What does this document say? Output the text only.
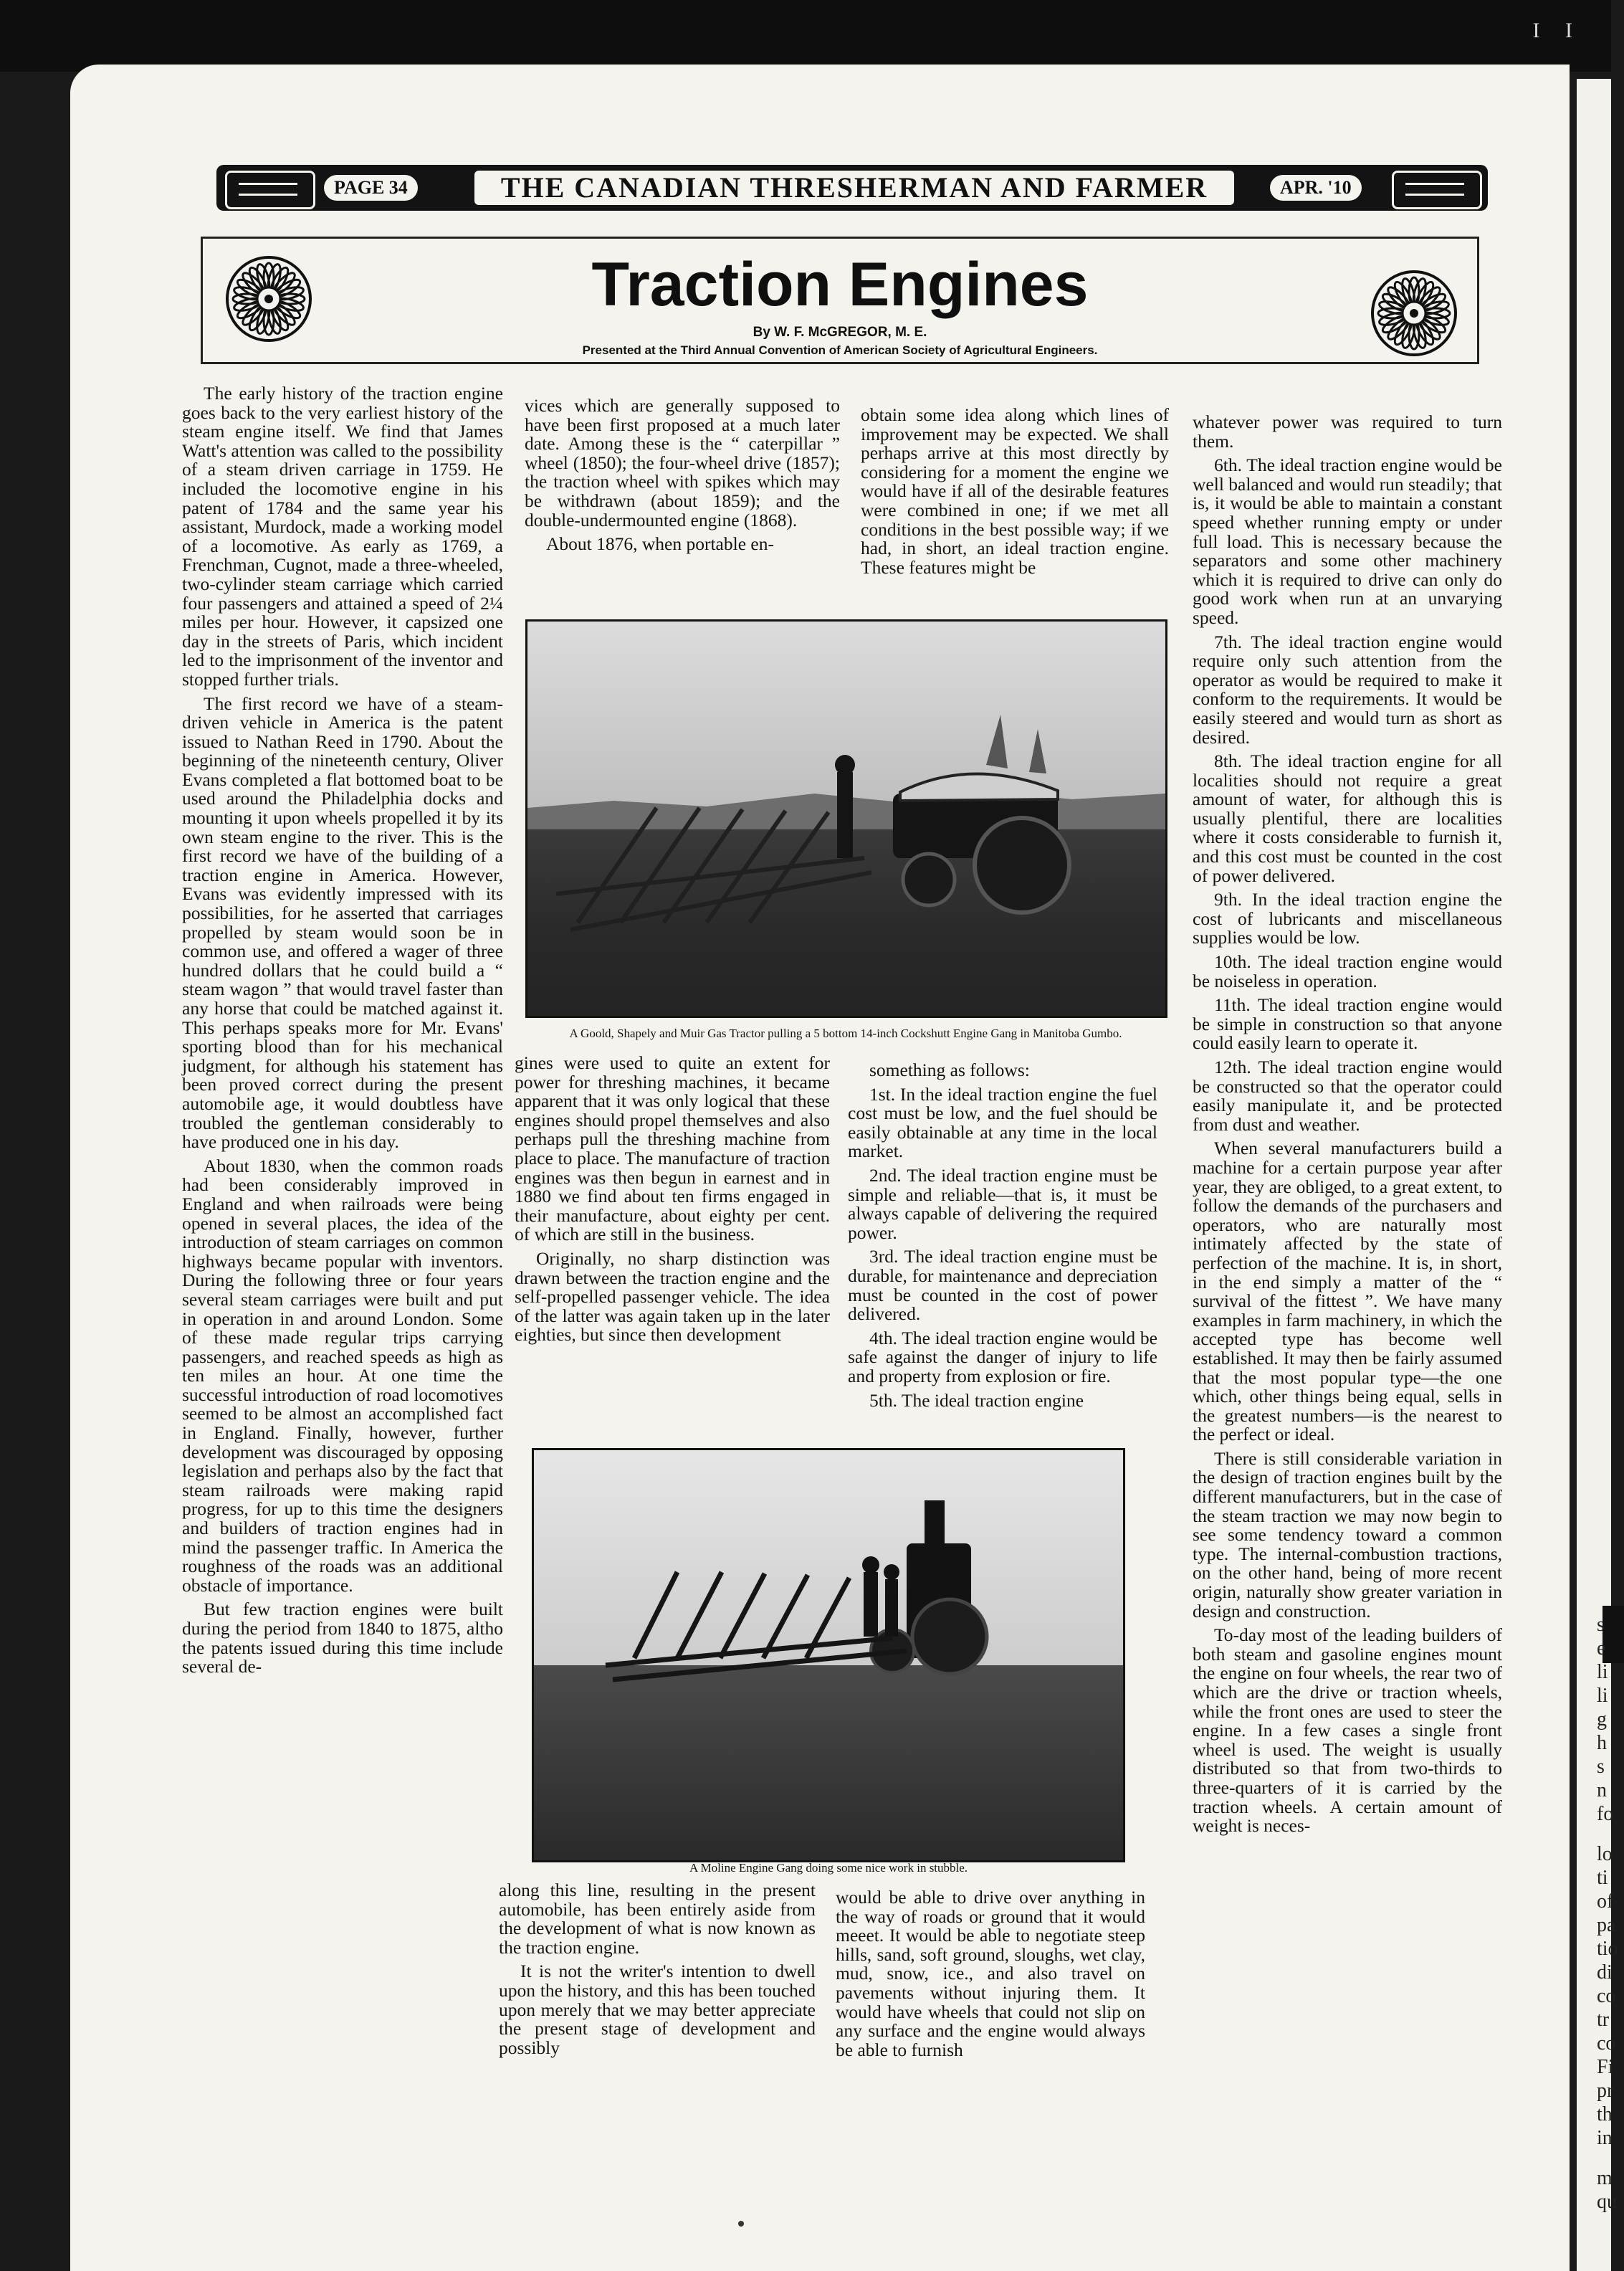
I I
s
e
li
li
g
h
s
n
fo
lo
ti
of
pa
tio
di
co
tr
co
Fi
pr
th
in
m
qu
PAGE 34	THE CANADIAN THRESHERMAN AND FARMER	APR. '10
Traction Engines
By W. F. McGREGOR, M. E.
Presented at the Third Annual Convention of American Society of Agricultural Engineers.

The early history of the traction engine goes back to the very earliest history of the steam engine itself. We find that James Watt's attention was called to the possibility of a steam driven carriage in 1759. He included the locomotive engine in his patent of 1784 and the same year his assistant, Murdock, made a working model of a locomotive. As early as 1769, a Frenchman, Cugnot, made a three-wheeled, two-cylinder steam carriage which carried four passengers and attained a speed of 2¼ miles per hour. However, it capsized one day in the streets of Paris, which incident led to the imprisonment of the inventor and stopped further trials.

The first record we have of a steam-driven vehicle in America is the patent issued to Nathan Reed in 1790. About the beginning of the nineteenth century, Oliver Evans completed a flat bottomed boat to be used around the Philadelphia docks and mounting it upon wheels propelled it by its own steam engine to the river. This is the first record we have of the building of a traction engine in America. However, Evans was evidently impressed with its possibilities, for he asserted that carriages propelled by steam would soon be in common use, and offered a wager of three hundred dollars that he could build a “ steam wagon ” that would travel faster than any horse that could be matched against it. This perhaps speaks more for Mr. Evans' sporting blood than for his mechanical judgment, for although his statement has been proved correct during the present automobile age, it would doubtless have troubled the gentleman considerably to have produced one in his day.

About 1830, when the common roads had been considerably improved in England and when railroads were being opened in several places, the idea of the introduction of steam carriages on common highways became popular with inventors. During the following three or four years several steam carriages were built and put in operation in and around London. Some of these made regular trips carrying passengers, and reached speeds as high as ten miles an hour. At one time the successful introduction of road locomotives seemed to be almost an accomplished fact in England. Finally, however, further development was discouraged by opposing legislation and perhaps also by the fact that steam railroads were making rapid progress, for up to this time the designers and builders of traction engines had in mind the passenger traffic. In America the roughness of the roads was an additional obstacle of importance.

But few traction engines were built during the period from 1840 to 1875, altho the patents issued during this time include several de-

vices which are generally supposed to have been first proposed at a much later date. Among these is the “ caterpillar ” wheel (1850); the four-wheel drive (1857); the traction wheel with spikes which may be withdrawn (about 1859); and the double-undermounted engine (1868).

About 1876, when portable en-

obtain some idea along which lines of improvement may be expected. We shall perhaps arrive at this most directly by considering for a moment the engine we would have if all of the desirable features were combined in one; if we met all conditions in the best possible way; if we had, in short, an ideal traction engine. These features might be

A Goold, Shapely and Muir Gas Tractor pulling a 5 bottom 14-inch Cockshutt Engine Gang in Manitoba Gumbo.

gines were used to quite an extent for power for threshing machines, it became apparent that it was only logical that these engines should propel themselves and also perhaps pull the threshing machine from place to place. The manufacture of traction engines was then begun in earnest and in 1880 we find about ten firms engaged in their manufacture, about eighty per cent. of which are still in the business.

Originally, no sharp distinction was drawn between the traction engine and the self-propelled passenger vehicle. The idea of the latter was again taken up in the later eighties, but since then development

something as follows:

1st. In the ideal traction engine the fuel cost must be low, and the fuel should be easily obtainable at any time in the local market.

2nd. The ideal traction engine must be simple and reliable—that is, it must be always capable of delivering the required power.

3rd. The ideal traction engine must be durable, for maintenance and depreciation must be counted in the cost of power delivered.

4th. The ideal traction engine would be safe against the danger of injury to life and property from explosion or fire.

5th. The ideal traction engine

A Moline Engine Gang doing some nice work in stubble.

along this line, resulting in the present automobile, has been entirely aside from the development of what is now known as the traction engine.

It is not the writer's intention to dwell upon the history, and this has been touched upon merely that we may better appreciate the present stage of development and possibly

would be able to drive over anything in the way of roads or ground that it would meeet. It would be able to negotiate steep hills, sand, soft ground, sloughs, wet clay, mud, snow, ice., and also travel on pavements without injuring them. It would have wheels that could not slip on any surface and the engine would always be able to furnish

whatever power was required to turn them.

6th. The ideal traction engine would be well balanced and would run steadily; that is, it would be able to maintain a constant speed whether running empty or under full load. This is necessary because the separators and some other machinery which it is required to drive can only do good work when run at an unvarying speed.

7th. The ideal traction engine would require only such attention from the operator as would be required to make it conform to the requirements. It would be easily steered and would turn as short as desired.

8th. The ideal traction engine for all localities should not require a great amount of water, for although this is usually plentiful, there are localities where it costs considerable to furnish it, and this cost must be counted in the cost of power delivered.

9th. In the ideal traction engine the cost of lubricants and miscellaneous supplies would be low.

10th. The ideal traction engine would be noiseless in operation.

11th. The ideal traction engine would be simple in construction so that anyone could easily learn to operate it.

12th. The ideal traction engine would be constructed so that the operator could easily manipulate it, and be protected from dust and weather.

When several manufacturers build a machine for a certain purpose year after year, they are obliged, to a great extent, to follow the demands of the purchasers and operators, who are naturally most intimately affected by the state of perfection of the machine. It is, in short, in the end simply a matter of the “ survival of the fittest ”. We have many examples in farm machinery, in which the accepted type has become well established. It may then be fairly assumed that the most popular type—the one which, other things being equal, sells in the greatest numbers—is the nearest to the perfect or ideal.

There is still considerable variation in the design of traction engines built by the different manufacturers, but in the case of the steam traction we may now begin to see some tendency toward a common type. The internal-combustion tractions, on the other hand, being of more recent origin, naturally show greater variation in design and construction.

To-day most of the leading builders of both steam and gasoline engines mount the engine on four wheels, the rear two of which are the drive or traction wheels, while the front ones are used to steer the engine. In a few cases a single front wheel is used. The weight is usually distributed so that from two-thirds to three-quarters of it is carried by the traction wheels. A certain amount of weight is neces-
